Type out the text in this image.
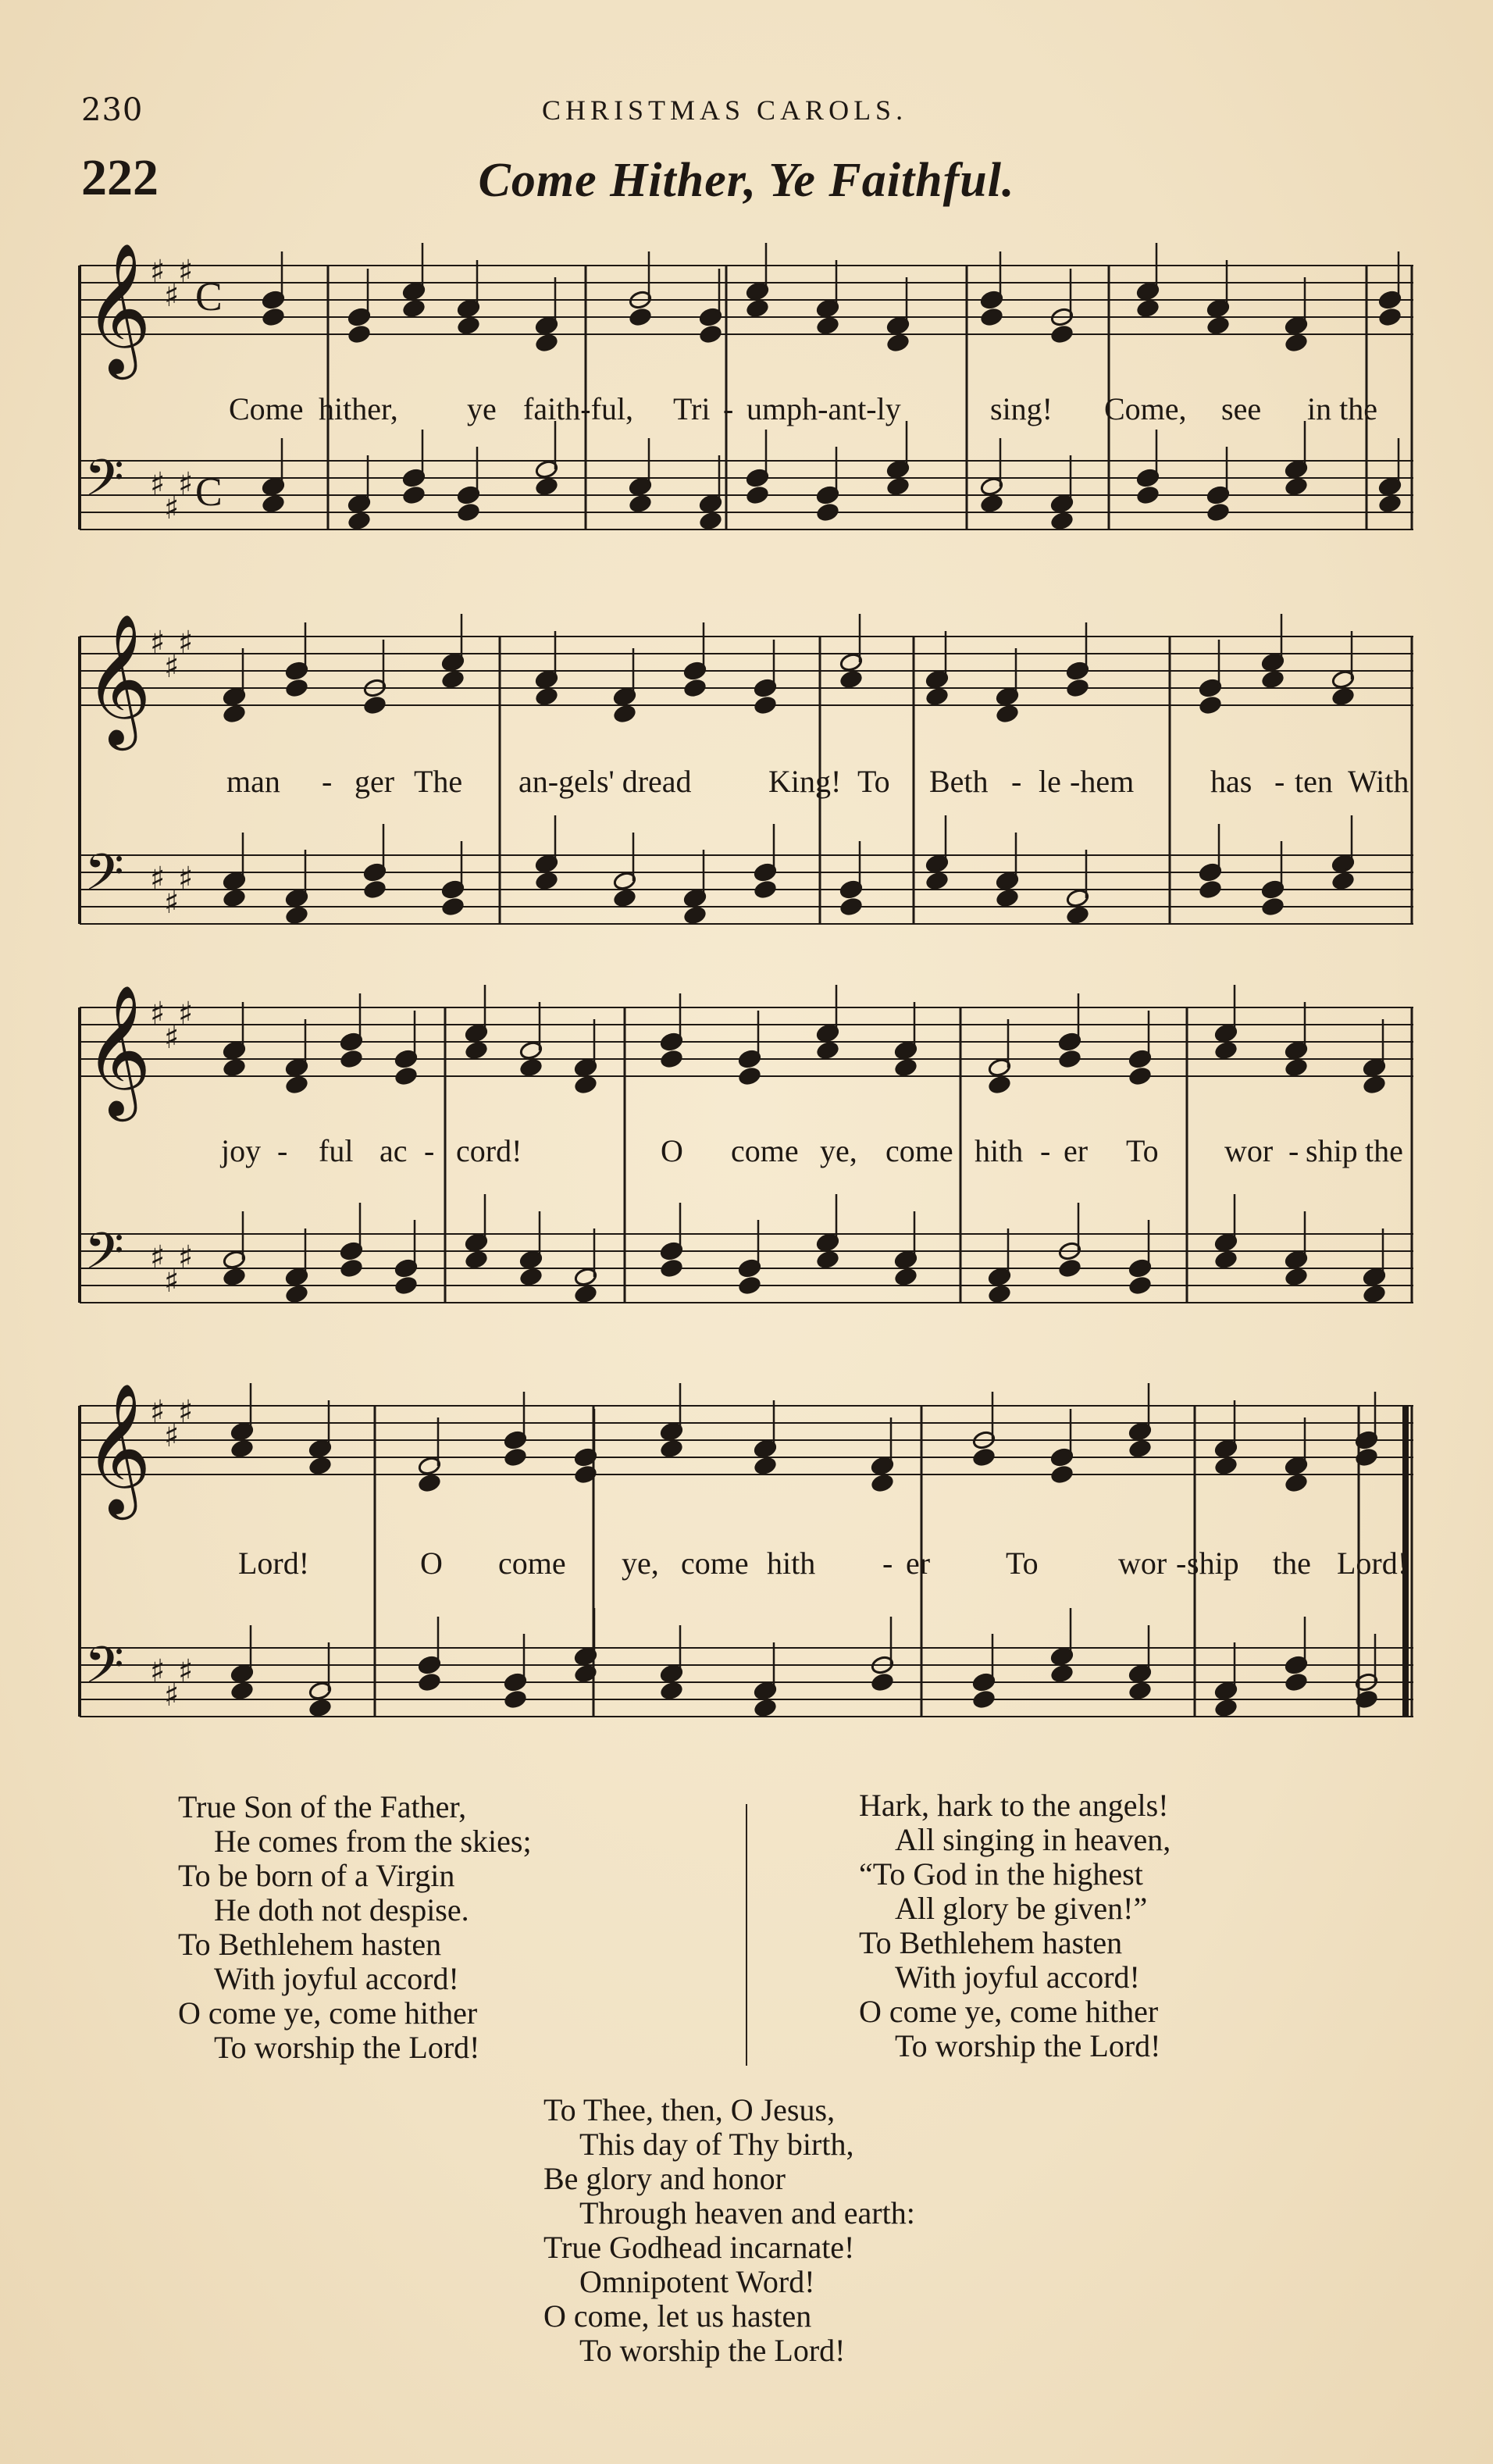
230	CHRISTMAS CAROLS.
222	Come Hither, Ye Faithful.
𝄞
𝄢
♯
♯
♯
♯
♯
♯
C
C
Come hither, ye faith-ful, Tri - umph-ant-ly	sing! Come, see in the
𝄞
𝄢
♯
♯
♯
♯
♯
♯
man - ger The an-gels' dread King! To Beth - le -hem has - ten With
𝄞
𝄢
♯
♯
♯
♯
♯
♯
joy - ful ac - cord!	O come ye, come hith - er To wor - ship the
𝄞
𝄢
♯
♯
♯
♯
♯
♯
Lord!	O come ye, come hith - er To	wor - ship the Lord!
True Son of the Father,
He comes from the skies;
To be born of a Virgin
He doth not despise.
To Bethlehem hasten
With joyful accord!
O come ye, come hither
To worship the Lord!
Hark, hark to the angels!
All singing in heaven,
“To God in the highest
All glory be given!”
To Bethlehem hasten
With joyful accord!
O come ye, come hither
To worship the Lord!
To Thee, then, O Jesus,
This day of Thy birth,
Be glory and honor
Through heaven and earth:
True Godhead incarnate!
Omnipotent Word!
O come, let us hasten
To worship the Lord!
